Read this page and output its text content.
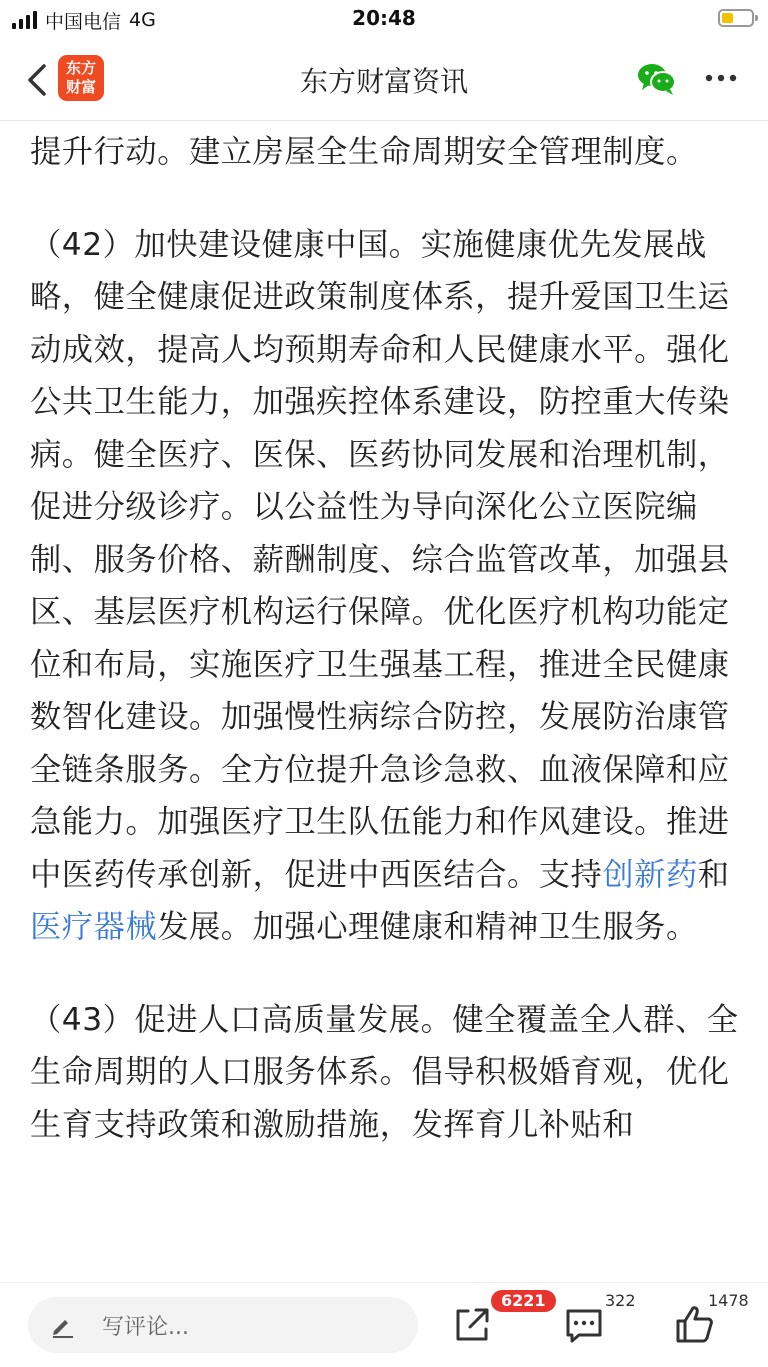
中国电信 4G	20:48
东方
财富	东方财富资讯

提升行动。建立房屋全生命周期安全管理制度。

（42）加快建设健康中国。实施健康优先发展战略，健全健康促进政策制度体系，提升爱国卫生运动成效，提高人均预期寿命和人民健康水平。强化公共卫生能力，加强疾控体系建设，防控重大传染病。健全医疗、医保、医药协同发展和治理机制，促进分级诊疗。以公益性为导向深化公立医院编制、服务价格、薪酬制度、综合监管改革，加强县区、基层医疗机构运行保障。优化医疗机构功能定位和布局，实施医疗卫生强基工程，推进全民健康数智化建设。加强慢性病综合防控，发展防治康管全链条服务。全方位提升急诊急救、血液保障和应急能力。加强医疗卫生队伍能力和作风建设。推进中医药传承创新，促进中西医结合。支持创新药和医疗器械发展。加强心理健康和精神卫生服务。

（43）促进人口高质量发展。健全覆盖全人群、全生命周期的人口服务体系。倡导积极婚育观，优化生育支持政策和激励措施，发挥育儿补贴和

写评论...
6221	322	1478
